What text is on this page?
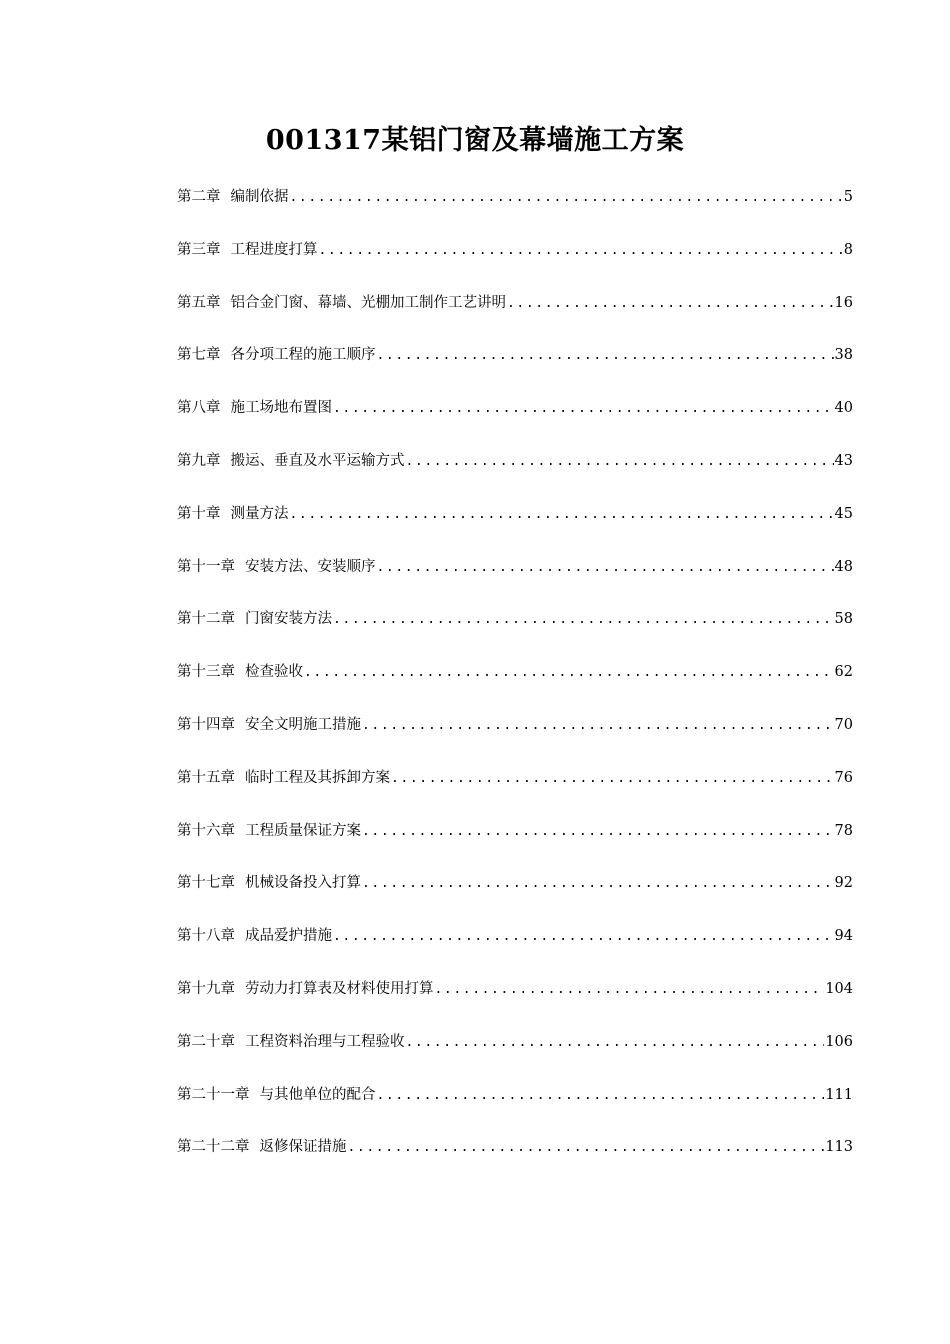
001317某铝门窗及幕墙施工方案
第二章 编制依据 .....	5
第三章 工程进度打算 .....	8
第五章 铝合金门窗、幕墙、光棚加工制作工艺讲明 .....	16
第七章 各分项工程的施工顺序 .....	38
第八章 施工场地布置图 .....	40
第九章 搬运、垂直及水平运输方式 .....	43
第十章 测量方法 .....	45
第十一章 安装方法、安装顺序 .....	48
第十二章 门窗安装方法 .....	58
第十三章 检查验收 .....	62
第十四章 安全文明施工措施 .....	70
第十五章 临时工程及其拆卸方案 .....	76
第十六章 工程质量保证方案 .....	78
第十七章 机械设备投入打算 .....	92
第十八章 成品爱护措施 .....	94
第十九章 劳动力打算表及材料使用打算 .....	104
第二十章 工程资料治理与工程验收 .....	106
第二十一章 与其他单位的配合 .....	111
第二十二章 返修保证措施 .....	113
